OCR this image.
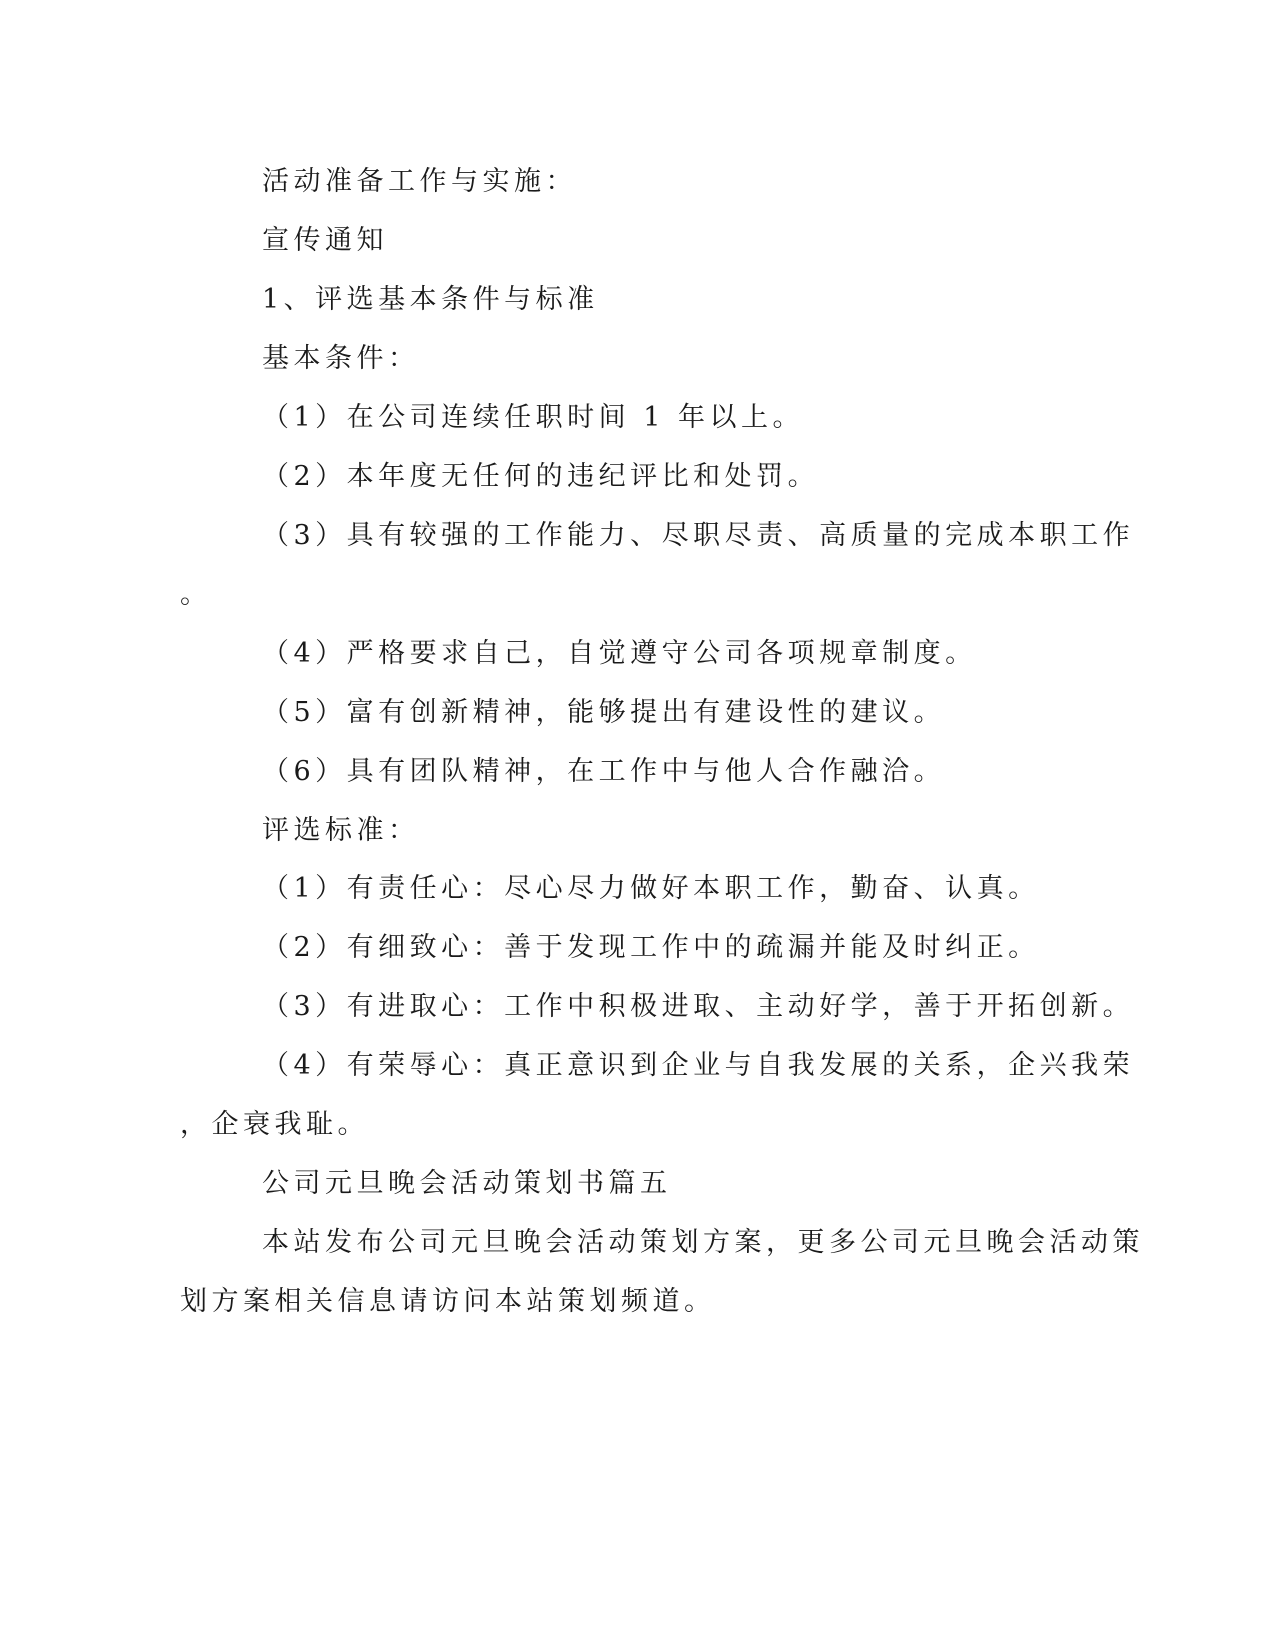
活动准备工作与实施：

宣传通知

1、评选基本条件与标准

基本条件：

（1）在公司连续任职时间 1 年以上。

（2）本年度无任何的违纪评比和处罚。

（3）具有较强的工作能力、尽职尽责、高质量的完成本职工作

。

（4）严格要求自己，自觉遵守公司各项规章制度。

（5）富有创新精神，能够提出有建设性的建议。

（6）具有团队精神，在工作中与他人合作融洽。

评选标准：

（1）有责任心：尽心尽力做好本职工作，勤奋、认真。

（2）有细致心：善于发现工作中的疏漏并能及时纠正。

（3）有进取心：工作中积极进取、主动好学，善于开拓创新。

（4）有荣辱心：真正意识到企业与自我发展的关系，企兴我荣

，企衰我耻。

公司元旦晚会活动策划书篇五

本站发布公司元旦晚会活动策划方案，更多公司元旦晚会活动策

划方案相关信息请访问本站策划频道。
